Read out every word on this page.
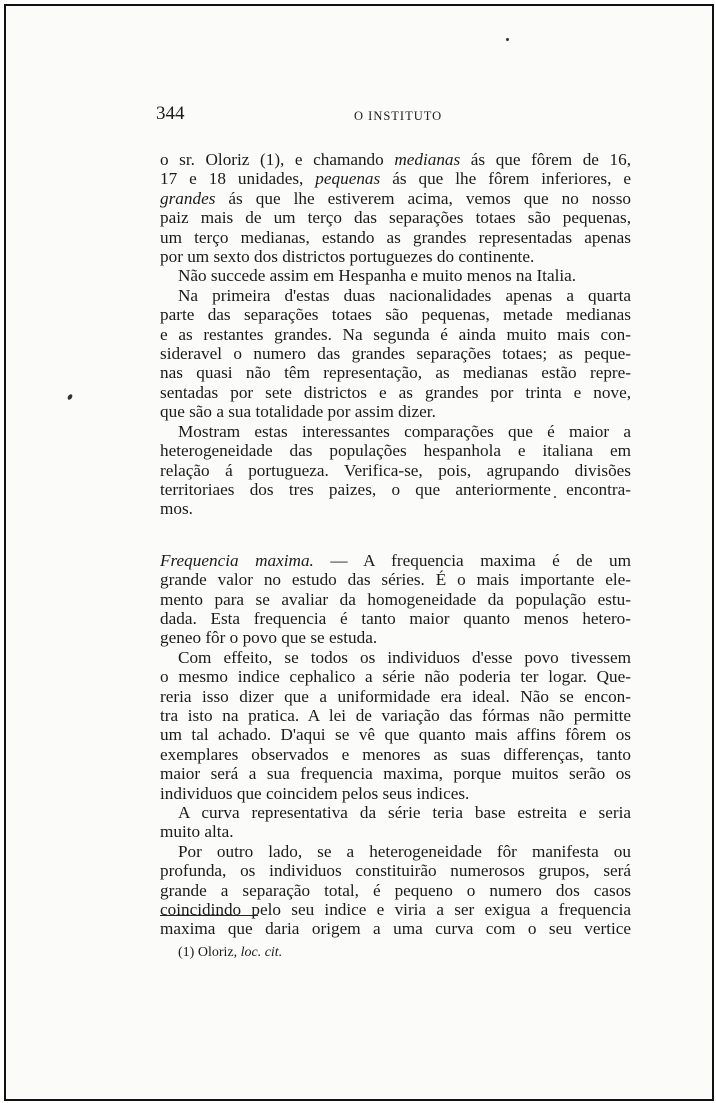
344	O INSTITUTO

o sr. Oloriz (1), e chamando medianas ás que fôrem de 16,

17 e 18 unidades, pequenas ás que lhe fôrem inferiores, e

grandes ás que lhe estiverem acima, vemos que no nosso

paiz mais de um terço das separações totaes são pequenas,

um terço medianas, estando as grandes representadas apenas

por um sexto dos districtos portuguezes do continente.

Não succede assim em Hespanha e muito menos na Italia.

Na primeira d'estas duas nacionalidades apenas a quarta

parte das separações totaes são pequenas, metade medianas

e as restantes grandes. Na segunda é ainda muito mais con-

sideravel o numero das grandes separações totaes; as peque-

nas quasi não têm representação, as medianas estão repre-

sentadas por sete districtos e as grandes por trinta e nove,

que são a sua totalidade por assim dizer.

Mostram estas interessantes comparações que é maior a

heterogeneidade das populações hespanhola e italiana em

relação á portugueza. Verifica-se, pois, agrupando divisões

territoriaes dos tres paizes, o que anteriormente encontra-

mos.

Frequencia maxima. — A frequencia maxima é de um

grande valor no estudo das séries. É o mais importante ele-

mento para se avaliar da homogeneidade da população estu-

dada. Esta frequencia é tanto maior quanto menos hetero-

geneo fôr o povo que se estuda.

Com effeito, se todos os individuos d'esse povo tivessem

o mesmo indice cephalico a série não poderia ter logar. Que-

reria isso dizer que a uniformidade era ideal. Não se encon-

tra isto na pratica. A lei de variação das fórmas não permitte

um tal achado. D'aqui se vê que quanto mais affins fôrem os

exemplares observados e menores as suas differenças, tanto

maior será a sua frequencia maxima, porque muitos serão os

individuos que coincidem pelos seus indices.

A curva representativa da série teria base estreita e seria

muito alta.

Por outro lado, se a heterogeneidade fôr manifesta ou

profunda, os individuos constituirão numerosos grupos, será

grande a separação total, é pequeno o numero dos casos

coincidindo pelo seu indice e viria a ser exigua a frequencia

maxima que daria origem a uma curva com o seu vertice

(1) Oloriz, loc. cit.
